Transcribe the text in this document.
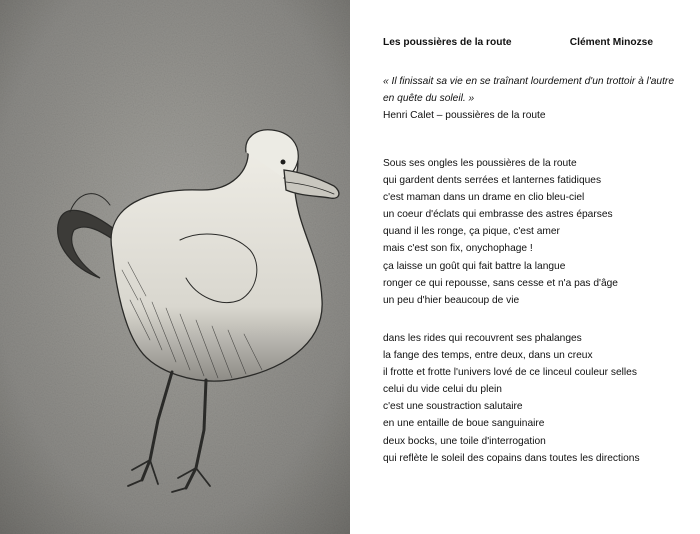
Les poussières de la route	Clément Minozse
« Il finissait sa vie en se traînant lourdement d'un trottoir à l'autre
en quête du soleil. »
Henri Calet – poussières de la route
Sous ses ongles les poussières de la route
qui gardent dents serrées et lanternes fatidiques
c'est maman dans un drame en clio bleu-ciel
un coeur d'éclats qui embrasse des astres éparses
quand il les ronge, ça pique, c'est amer
mais c'est son fix, onychophage !
ça laisse un goût qui fait battre la langue
ronger ce qui repousse, sans cesse et n'a pas d'âge
un peu d'hier beaucoup de vie
dans les rides qui recouvrent ses phalanges
la fange des temps, entre deux, dans un creux
il frotte et frotte l'univers lové de ce linceul couleur selles
celui du vide celui du plein
c'est une soustraction salutaire
en une entaille de boue sanguinaire
deux bocks, une toile d'interrogation
qui reflète le soleil des copains dans toutes les directions
